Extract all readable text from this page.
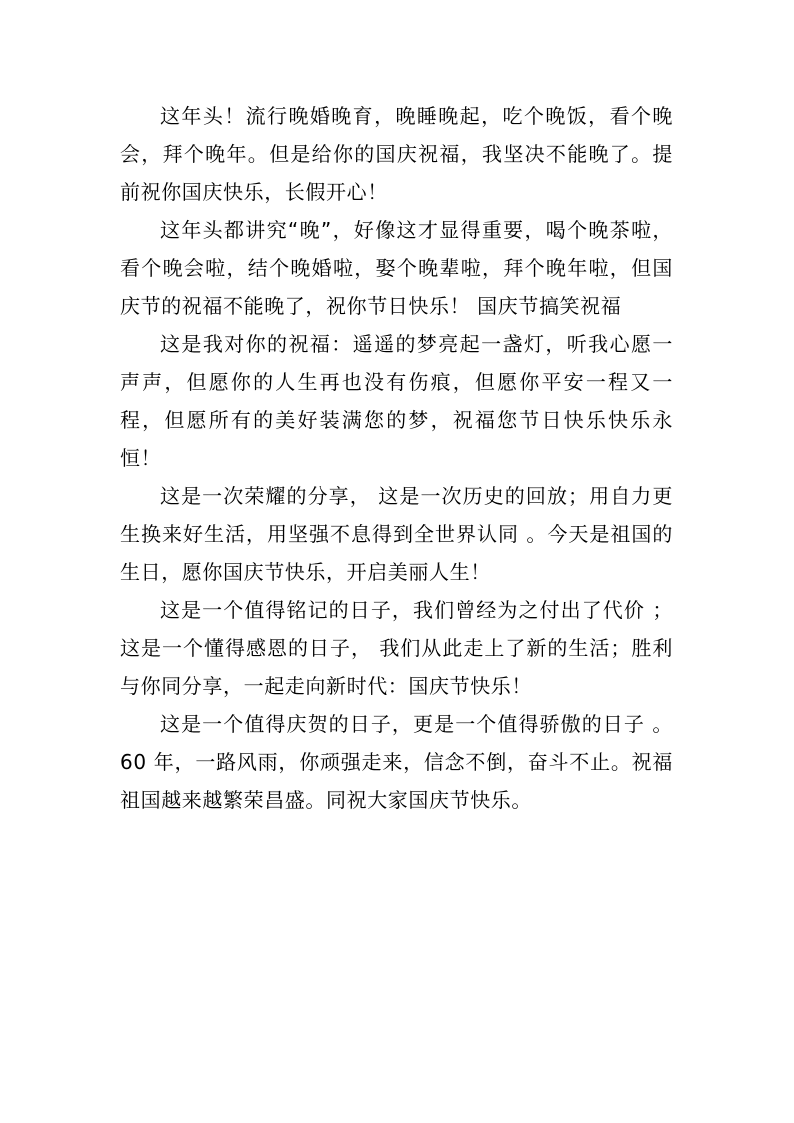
这年头！流行晚婚晚育，晚睡晚起，吃个晚饭，看个晚会，拜个晚年。但是给你的国庆祝福，我坚决不能晚了。提前祝你国庆快乐，长假开心！

这年头都讲究“晚”，好像这才显得重要，喝个晚茶啦，看个晚会啦，结个晚婚啦，娶个晚辈啦，拜个晚年啦，但国庆节的祝福不能晚了，祝你节日快乐！ 国庆节搞笑祝福

这是我对你的祝福：遥遥的梦亮起一盏灯，听我心愿一声声，但愿你的人生再也没有伤痕，但愿你平安一程又一程，但愿所有的美好装满您的梦，祝福您节日快乐快乐永恒！

这是一次荣耀的分享， 这是一次历史的回放；用自力更生换来好生活，用坚强不息得到全世界认同 。今天是祖国的生日，愿你国庆节快乐，开启美丽人生！

这是一个值得铭记的日子，我们曾经为之付出了代价 ；这是一个懂得感恩的日子， 我们从此走上了新的生活；胜利与你同分享，一起走向新时代：国庆节快乐！

这是一个值得庆贺的日子，更是一个值得骄傲的日子 。60 年，一路风雨，你顽强走来，信念不倒，奋斗不止。祝福祖国越来越繁荣昌盛。同祝大家国庆节快乐。
